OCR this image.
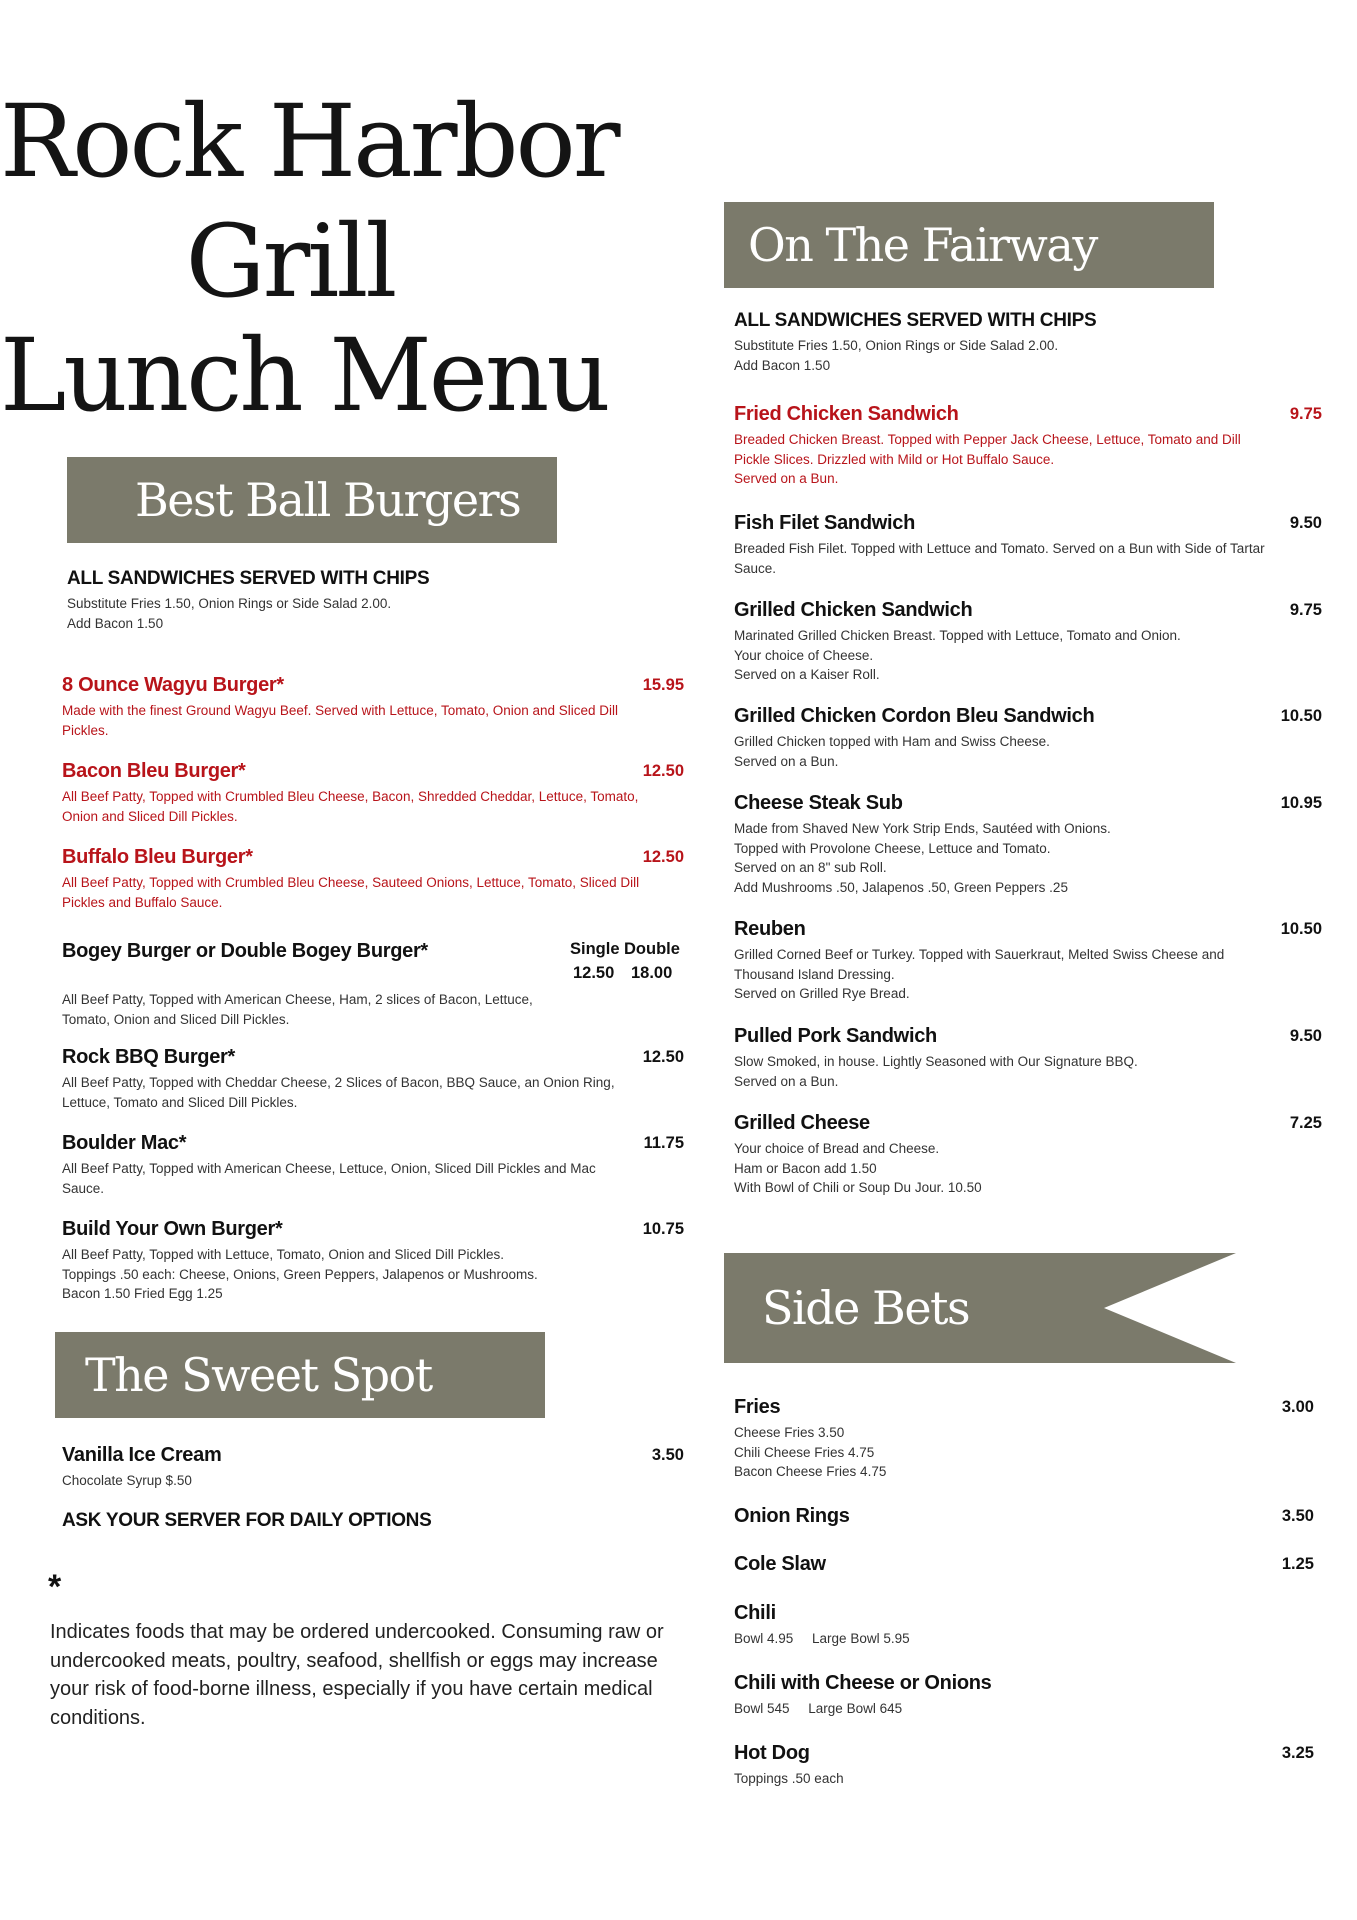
Rock Harbor
Grill
Lunch Menu
Best Ball Burgers
ALL SANDWICHES SERVED WITH CHIPS
Substitute Fries 1.50, Onion Rings or Side Salad 2.00.
Add Bacon 1.50
8 Ounce Wagyu Burger*	15.95
Made with the finest Ground Wagyu Beef. Served with Lettuce, Tomato, Onion and Sliced Dill Pickles.
Bacon Bleu Burger*	12.50
All Beef Patty, Topped with Crumbled Bleu Cheese, Bacon, Shredded Cheddar, Lettuce, Tomato, Onion and Sliced Dill Pickles.
Buffalo Bleu Burger*	12.50
All Beef Patty, Topped with Crumbled Bleu Cheese, Sauteed Onions, Lettuce, Tomato, Sliced Dill Pickles and Buffalo Sauce.
Bogey Burger or Double Bogey Burger*	Single Double
12.50 18.00
All Beef Patty, Topped with American Cheese, Ham, 2 slices of Bacon, Lettuce, Tomato, Onion and Sliced Dill Pickles.
Rock BBQ Burger*	12.50
All Beef Patty, Topped with Cheddar Cheese, 2 Slices of Bacon, BBQ Sauce, an Onion Ring, Lettuce, Tomato and Sliced Dill Pickles.
Boulder Mac*	11.75
All Beef Patty, Topped with American Cheese, Lettuce, Onion, Sliced Dill Pickles and Mac Sauce.
Build Your Own Burger*	10.75
All Beef Patty, Topped with Lettuce, Tomato, Onion and Sliced Dill Pickles.
Toppings .50 each: Cheese, Onions, Green Peppers, Jalapenos or Mushrooms.
Bacon 1.50 Fried Egg 1.25
The Sweet Spot
Vanilla Ice Cream	3.50
Chocolate Syrup $.50
ASK YOUR SERVER FOR DAILY OPTIONS
*
Indicates foods that may be ordered undercooked. Consuming raw or undercooked meats, poultry, seafood, shellfish or eggs may increase your risk of food-borne illness, especially if you have certain medical conditions.
On The Fairway
ALL SANDWICHES SERVED WITH CHIPS
Substitute Fries 1.50, Onion Rings or Side Salad 2.00.
Add Bacon 1.50
Fried Chicken Sandwich	9.75
Breaded Chicken Breast. Topped with Pepper Jack Cheese, Lettuce, Tomato and Dill
Pickle Slices. Drizzled with Mild or Hot Buffalo Sauce.
Served on a Bun.
Fish Filet Sandwich	9.50
Breaded Fish Filet. Topped with Lettuce and Tomato. Served on a Bun with Side of Tartar
Sauce.
Grilled Chicken Sandwich	9.75
Marinated Grilled Chicken Breast. Topped with Lettuce, Tomato and Onion.
Your choice of Cheese.
Served on a Kaiser Roll.
Grilled Chicken Cordon Bleu Sandwich	10.50
Grilled Chicken topped with Ham and Swiss Cheese.
Served on a Bun.
Cheese Steak Sub	10.95
Made from Shaved New York Strip Ends, Sautéed with Onions.
Topped with Provolone Cheese, Lettuce and Tomato.
Served on an 8" sub Roll.
Add Mushrooms .50, Jalapenos .50, Green Peppers .25
Reuben	10.50
Grilled Corned Beef or Turkey. Topped with Sauerkraut, Melted Swiss Cheese and
Thousand Island Dressing.
Served on Grilled Rye Bread.
Pulled Pork Sandwich	9.50
Slow Smoked, in house. Lightly Seasoned with Our Signature BBQ.
Served on a Bun.
Grilled Cheese	7.25
Your choice of Bread and Cheese.
Ham or Bacon add 1.50
With Bowl of Chili or Soup Du Jour. 10.50
Side Bets
Fries	3.00
Cheese Fries 3.50
Chili Cheese Fries 4.75
Bacon Cheese Fries 4.75
Onion Rings	3.50
Cole Slaw	1.25
Chili
Bowl 4.95     Large Bowl 5.95
Chili with Cheese or Onions
Bowl 545     Large Bowl 645
Hot Dog	3.25
Toppings .50 each
